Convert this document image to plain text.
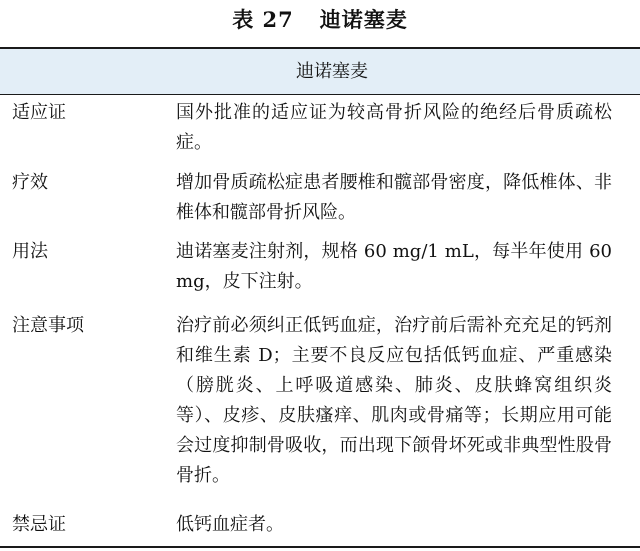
表 27 迪诺塞麦
迪诺塞麦
适应证	国外批准的适应证为较高骨折风险的绝经后骨质疏松症。
疗效	增加骨质疏松症患者腰椎和髋部骨密度，降低椎体、非椎体和髋部骨折风险。
用法	迪诺塞麦注射剂，规格 60 mg/1 mL，每半年使用 60 mg，皮下注射。
注意事项	治疗前必须纠正低钙血症，治疗前后需补充充足的钙剂和维生素 D；主要不良反应包括低钙血症、严重感染（膀胱炎、上呼吸道感染、肺炎、皮肤蜂窝组织炎等）、皮疹、皮肤瘙痒、肌肉或骨痛等；长期应用可能会过度抑制骨吸收，而出现下颌骨坏死或非典型性股骨骨折。
禁忌证	低钙血症者。
